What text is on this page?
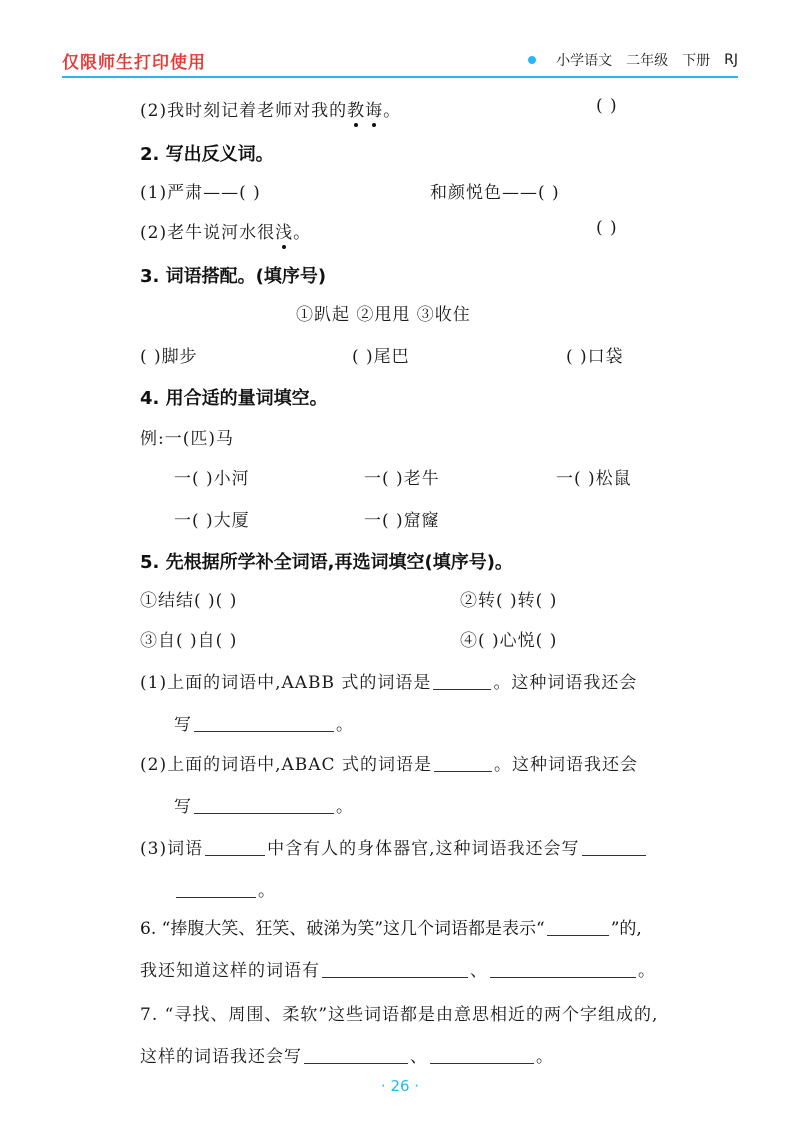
仅限师生打印使用	小学语文 二年级 下册 RJ
(2)我时刻记着老师对我的教诲。	( )
2. 写出反义词。
(1)严肃——( )	和颜悦色——( )
(2)老牛说河水很浅。	( )
3. 词语搭配。(填序号)
①趴起 ②甩甩 ③收住
( )脚步	( )尾巴	( )口袋
4. 用合适的量词填空。
例:一(匹)马
一( )小河	一( )老牛	一( )松鼠
一( )大厦	一( )窟窿
5. 先根据所学补全词语,再选词填空(填序号)。
①结结( )( )	②转( )转( )
③自( )自( )	④( )心悦( )
(1)上面的词语中,AABB 式的词语是	。这种词语我还会
写	。
(2)上面的词语中,ABAC 式的词语是	。这种词语我还会
写	。
(3)词语	中含有人的身体器官,这种词语我还会写
。
6. “捧腹大笑、狂笑、破涕为笑”这几个词语都是表示“	”的,
我还知道这样的词语有	、	。
7. “寻找、周围、柔软”这些词语都是由意思相近的两个字组成的,
这样的词语我还会写	、	。
· 26 ·
